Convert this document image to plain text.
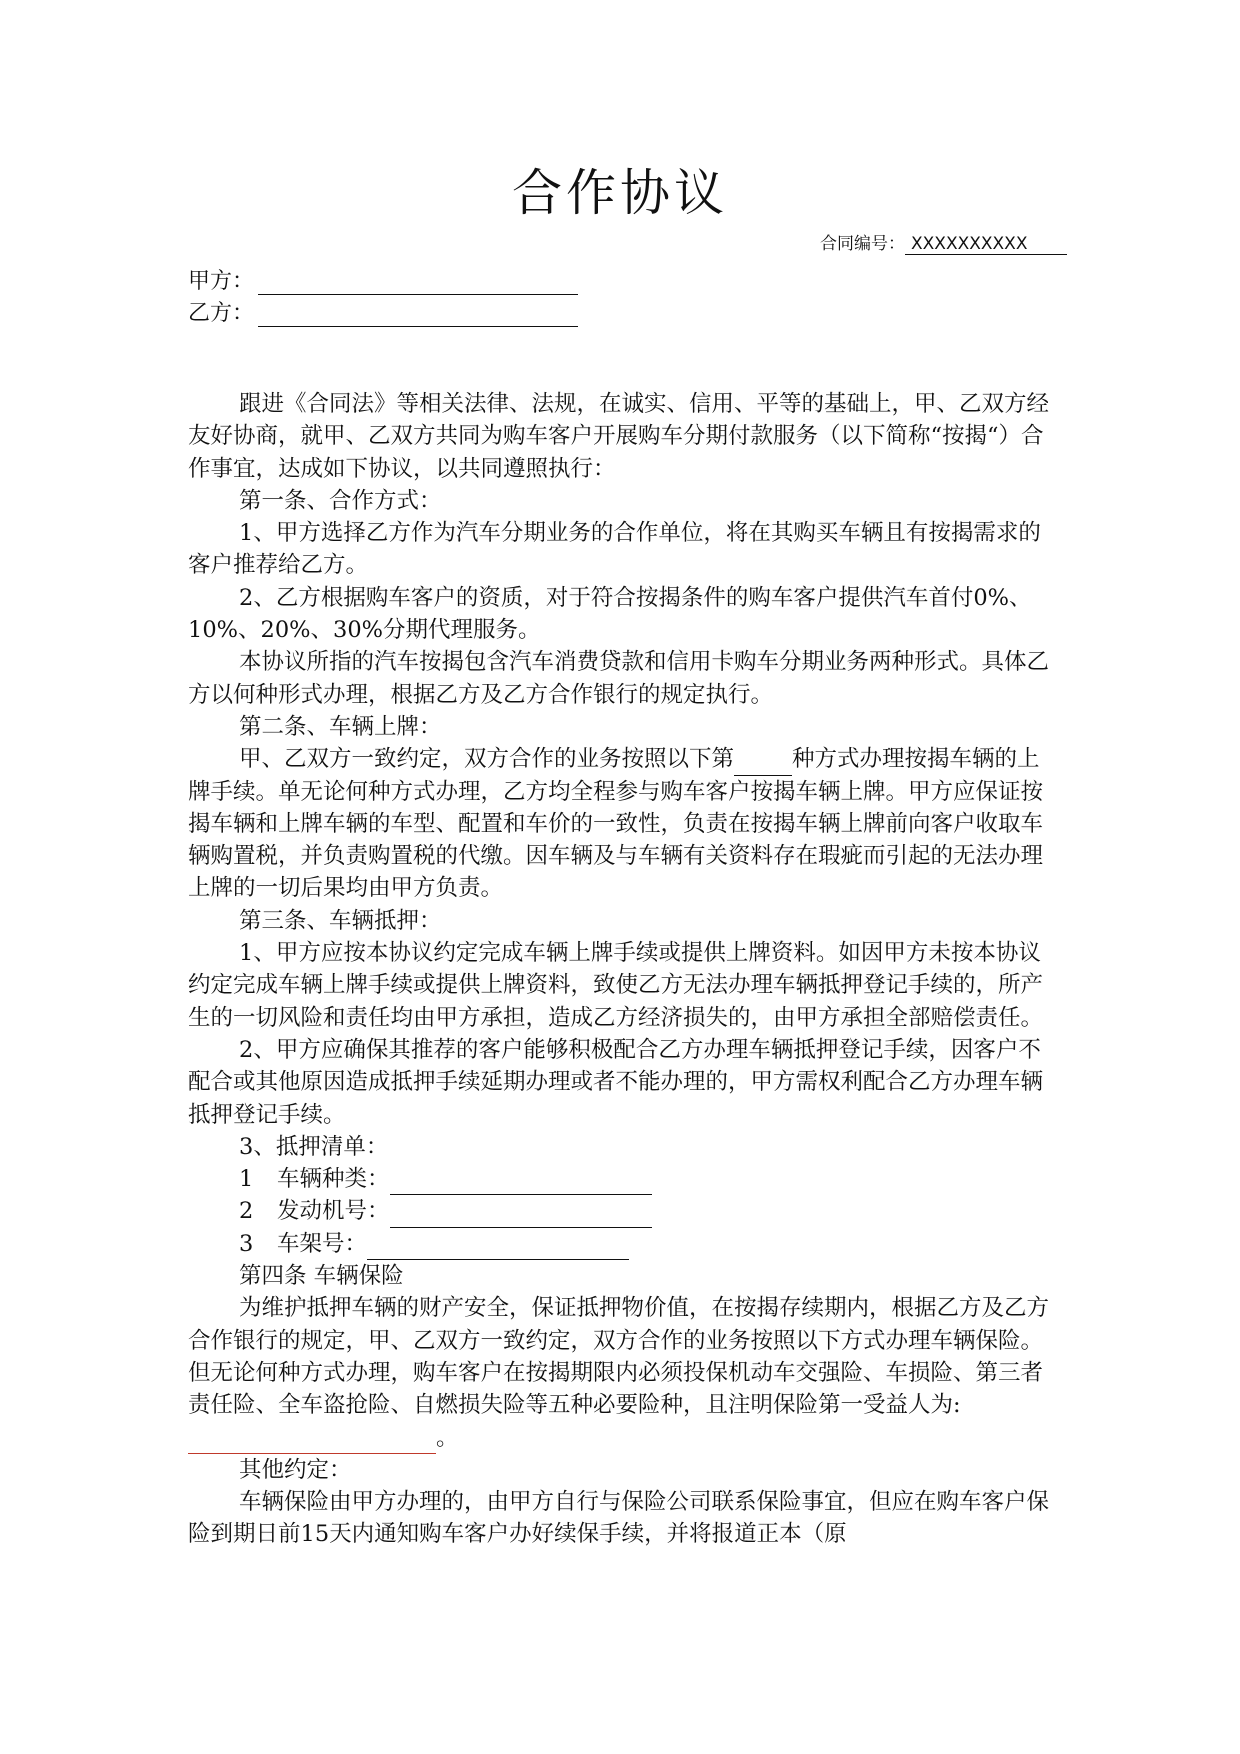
合作协议
合同编号： XXXXXXXXXX
甲方：
乙方：

跟进《合同法》等相关法律、法规，在诚实、信用、平等的基础上，甲、乙双方经友好协商，就甲、乙双方共同为购车客户开展购车分期付款服务（以下简称“按揭“）合作事宜，达成如下协议，以共同遵照执行：

第一条、合作方式：

1、甲方选择乙方作为汽车分期业务的合作单位，将在其购买车辆且有按揭需求的客户推荐给乙方。

2、乙方根据购车客户的资质，对于符合按揭条件的购车客户提供汽车首付0%、10%、20%、30%分期代理服务。

本协议所指的汽车按揭包含汽车消费贷款和信用卡购车分期业务两种形式。具体乙方以何种形式办理，根据乙方及乙方合作银行的规定执行。

第二条、车辆上牌：

甲、乙双方一致约定，双方合作的业务按照以下第	种方式办理按揭车辆的上牌手续。单无论何种方式办理，乙方均全程参与购车客户按揭车辆上牌。甲方应保证按揭车辆和上牌车辆的车型、配置和车价的一致性，负责在按揭车辆上牌前向客户收取车辆购置税，并负责购置税的代缴。因车辆及与车辆有关资料存在瑕疵而引起的无法办理上牌的一切后果均由甲方负责。

第三条、车辆抵押：

1、甲方应按本协议约定完成车辆上牌手续或提供上牌资料。如因甲方未按本协议约定完成车辆上牌手续或提供上牌资料，致使乙方无法办理车辆抵押登记手续的，所产生的一切风险和责任均由甲方承担，造成乙方经济损失的，由甲方承担全部赔偿责任。

2、甲方应确保其推荐的客户能够积极配合乙方办理车辆抵押登记手续，因客户不配合或其他原因造成抵押手续延期办理或者不能办理的，甲方需权利配合乙方办理车辆抵押登记手续。

3、抵押清单：

1 车辆种类：

2 发动机号：

3 车架号：

第四条 车辆保险

为维护抵押车辆的财产安全，保证抵押物价值，在按揭存续期内，根据乙方及乙方合作银行的规定，甲、乙双方一致约定，双方合作的业务按照以下方式办理车辆保险。但无论何种方式办理，购车客户在按揭期限内必须投保机动车交强险、车损险、第三者责任险、全车盗抢险、自燃损失险等五种必要险种，且注明保险第一受益人为:。

其他约定：

车辆保险由甲方办理的，由甲方自行与保险公司联系保险事宜，但应在购车客户保险到期日前15天内通知购车客户办好续保手续，并将报道正本（原
